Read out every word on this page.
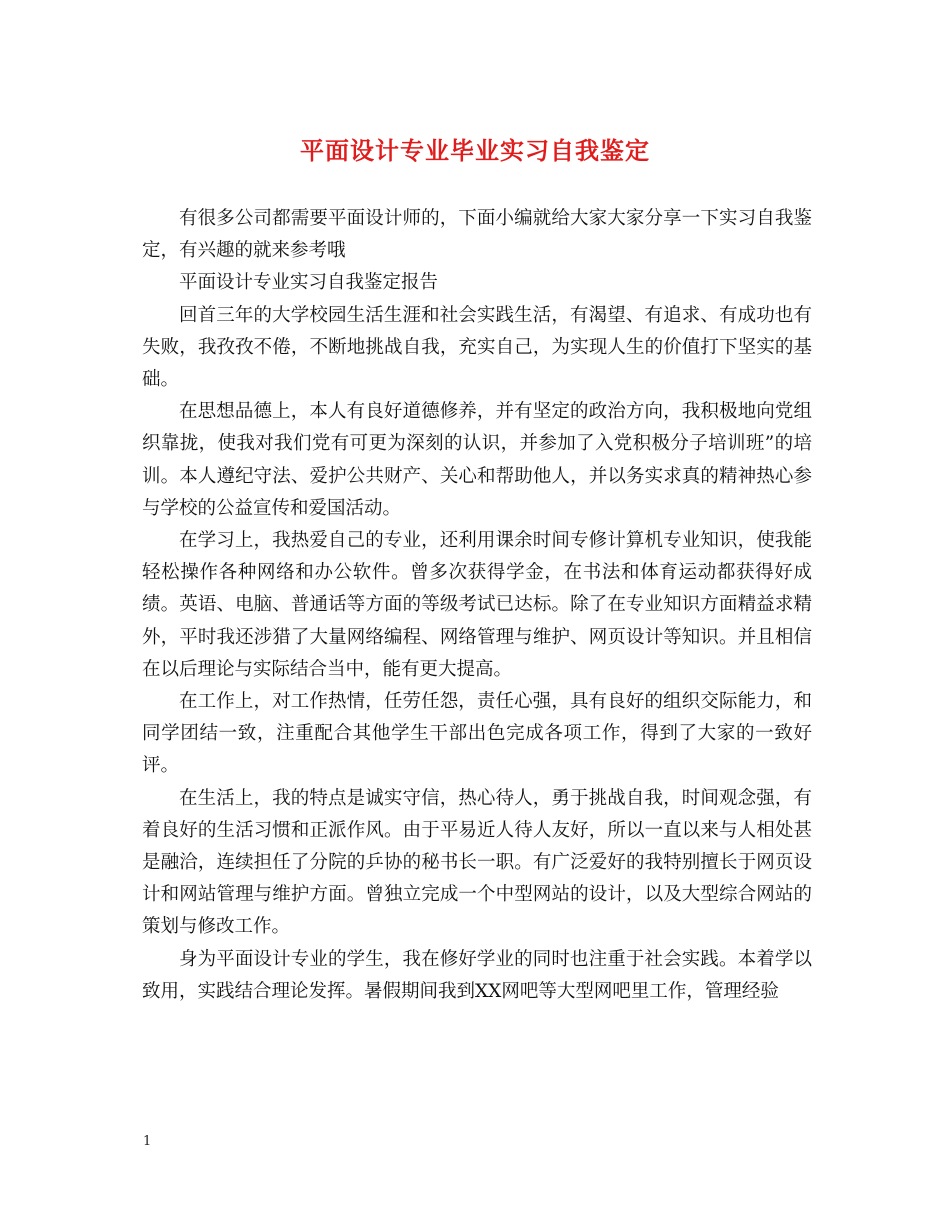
平面设计专业毕业实习自我鉴定

有很多公司都需要平面设计师的，下面小编就给大家大家分享一下实习自我鉴定，有兴趣的就来参考哦

平面设计专业实习自我鉴定报告

回首三年的大学校园生活生涯和社会实践生活，有渴望、有追求、有成功也有失败，我孜孜不倦，不断地挑战自我，充实自己，为实现人生的价值打下坚实的基础。

在思想品德上，本人有良好道德修养，并有坚定的政治方向，我积极地向党组织靠拢，使我对我们党有可更为深刻的认识，并参加了入党积极分子培训班”的培训。本人遵纪守法、爱护公共财产、关心和帮助他人，并以务实求真的精神热心参与学校的公益宣传和爱国活动。

在学习上，我热爱自己的专业，还利用课余时间专修计算机专业知识，使我能轻松操作各种网络和办公软件。曾多次获得学金，在书法和体育运动都获得好成绩。英语、电脑、普通话等方面的等级考试已达标。除了在专业知识方面精益求精外，平时我还涉猎了大量网络编程、网络管理与维护、网页设计等知识。并且相信在以后理论与实际结合当中，能有更大提高。

在工作上，对工作热情，任劳任怨，责任心强，具有良好的组织交际能力，和同学团结一致，注重配合其他学生干部出色完成各项工作，得到了大家的一致好评。

在生活上，我的特点是诚实守信，热心待人，勇于挑战自我，时间观念强，有着良好的生活习惯和正派作风。由于平易近人待人友好，所以一直以来与人相处甚是融洽，连续担任了分院的乒协的秘书长一职。有广泛爱好的我特别擅长于网页设计和网站管理与维护方面。曾独立完成一个中型网站的设计，以及大型综合网站的策划与修改工作。

身为平面设计专业的学生，我在修好学业的同时也注重于社会实践。本着学以致用，实践结合理论发挥。暑假期间我到XX网吧等大型网吧里工作，管理经验

1
